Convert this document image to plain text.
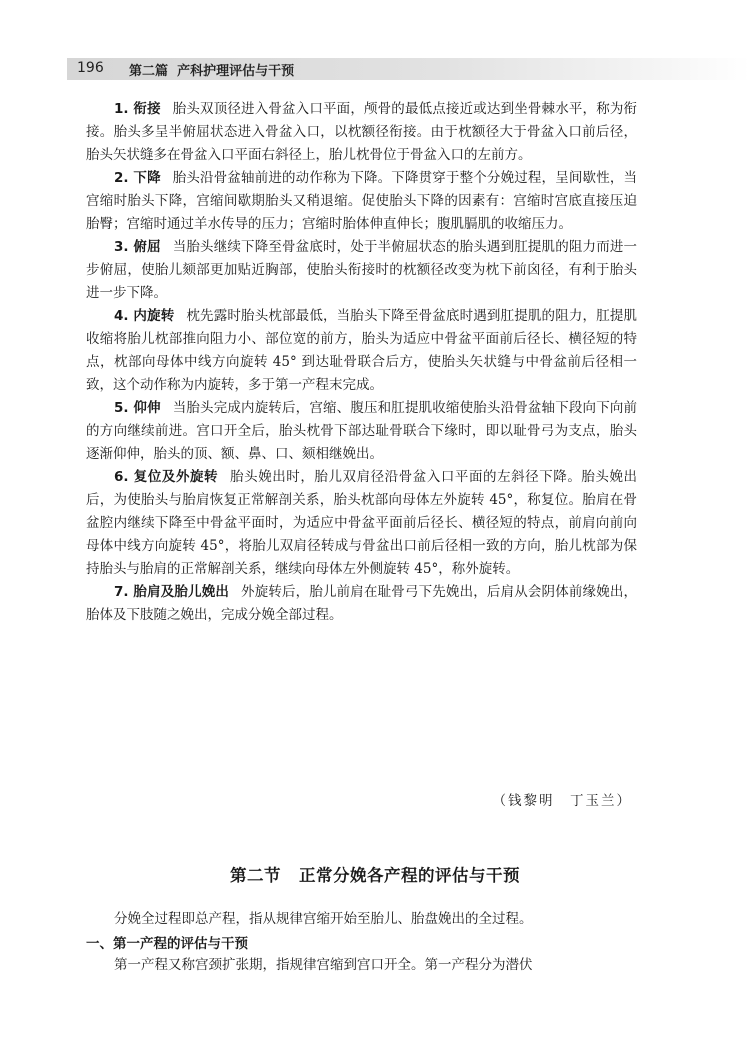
196 第二篇 产科护理评估与干预

1. 衔接 胎头双顶径进入骨盆入口平面，颅骨的最低点接近或达到坐骨棘水平，称为衔接。胎头多呈半俯屈状态进入骨盆入口，以枕额径衔接。由于枕额径大于骨盆入口前后径，胎头矢状缝多在骨盆入口平面右斜径上，胎儿枕骨位于骨盆入口的左前方。

2. 下降 胎头沿骨盆轴前进的动作称为下降。下降贯穿于整个分娩过程，呈间歇性，当宫缩时胎头下降，宫缩间歇期胎头又稍退缩。促使胎头下降的因素有：宫缩时宫底直接压迫胎臀；宫缩时通过羊水传导的压力；宫缩时胎体伸直伸长；腹肌膈肌的收缩压力。

3. 俯屈 当胎头继续下降至骨盆底时，处于半俯屈状态的胎头遇到肛提肌的阻力而进一步俯屈，使胎儿颏部更加贴近胸部，使胎头衔接时的枕额径改变为枕下前囟径，有利于胎头进一步下降。

4. 内旋转 枕先露时胎头枕部最低，当胎头下降至骨盆底时遇到肛提肌的阻力，肛提肌收缩将胎儿枕部推向阻力小、部位宽的前方，胎头为适应中骨盆平面前后径长、横径短的特点，枕部向母体中线方向旋转 45° 到达耻骨联合后方，使胎头矢状缝与中骨盆前后径相一致，这个动作称为内旋转，多于第一产程末完成。

5. 仰伸 当胎头完成内旋转后，宫缩、腹压和肛提肌收缩使胎头沿骨盆轴下段向下向前的方向继续前进。宫口开全后，胎头枕骨下部达耻骨联合下缘时，即以耻骨弓为支点，胎头逐渐仰伸，胎头的顶、额、鼻、口、颏相继娩出。

6. 复位及外旋转 胎头娩出时，胎儿双肩径沿骨盆入口平面的左斜径下降。胎头娩出后，为使胎头与胎肩恢复正常解剖关系，胎头枕部向母体左外旋转 45°，称复位。胎肩在骨盆腔内继续下降至中骨盆平面时，为适应中骨盆平面前后径长、横径短的特点，前肩向前向母体中线方向旋转 45°，将胎儿双肩径转成与骨盆出口前后径相一致的方向，胎儿枕部为保持胎头与胎肩的正常解剖关系，继续向母体左外侧旋转 45°，称外旋转。

7. 胎肩及胎儿娩出 外旋转后，胎儿前肩在耻骨弓下先娩出，后肩从会阴体前缘娩出，胎体及下肢随之娩出，完成分娩全部过程。

（钱黎明　丁玉兰）
第二节 正常分娩各产程的评估与干预

分娩全过程即总产程，指从规律宫缩开始至胎儿、胎盘娩出的全过程。

一、第一产程的评估与干预

第一产程又称宫颈扩张期，指规律宫缩到宫口开全。第一产程分为潜伏
